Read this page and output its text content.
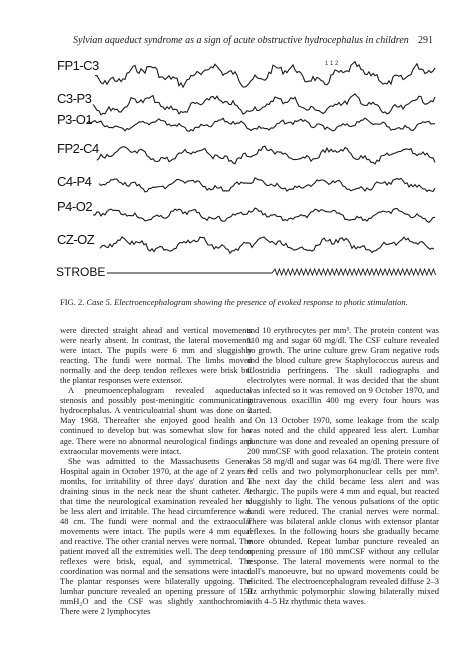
Sylvian aqueduct syndrome as a sign of acute obstructive hydrocephalus in children 291
FP1-C3
C3-P3
P3-O1
FP2-C4
C4-P4
P4-O2
CZ-OZ
STROBE
1 1 2
FIG. 2. Case 5. Electroencephalogram showing the presence of evoked response to photic stimulation.

were directed straight ahead and vertical movements were nearly absent. In contrast, the lateral movements were intact. The pupils were 6 mm and sluggishly reacting. The fundi were normal. The limbs moved normally and the deep tendon reflexes were brisk but the plantar responses were extensor.

A pneumoencephalogram revealed aqueductal stenosis and possibly post-meningitic communicating hydrocephalus. A ventriculoatrial shunt was done on 2 May 1968. Thereafter she enjoyed good health and continued to develop but was somewhat slow for her age. There were no abnormal neurological findings and extraocular movements were intact.

She was admitted to the Massachusetts General Hospital again in October 1970, at the age of 2 years 9 months, for irritability of three days' duration and a draining sinus in the neck near the shunt catheter. At that time the neurological examination revealed her to be less alert and irritable. The head circumference was 48 cm. The fundi were normal and the extraocular movements were intact. The pupils were 4 mm equal and reactive. The other cranial nerves were normal. The patient moved all the extremities well. The deep tendon reflexes were brisk, equal, and symmetrical. The coordination was normal and the sensations were intact. The plantar responses were bilaterally upgoing. The lumbar puncture revealed an opening pressure of 150 mmH₂O and the CSF was slightly xanthochromic. There were 2 lymphocytes

and 10 erythrocytes per mm³. The protein content was 110 mg and sugar 60 mg/dl. The CSF culture revealed no growth. The urine culture grew Gram negative rods and the blood culture grew Staphylococcus aureus and Clostridia perfringens. The skull radiographs and electrolytes were normal. It was decided that the shunt was infected so it was removed on 9 October 1970, and intravenous oxacillin 400 mg every four hours was started.

On 13 October 1970, some leakage from the scalp was noted and the child appeared less alert. Lumbar puncture was done and revealed an opening pressure of 200 mmCSF with good relaxation. The protein content was 58 mg/dl and sugar was 64 mg/dl. There were five red cells and two polymorphonuclear cells per mm³. The next day the child became less alert and was lethargic. The pupils were 4 mm and equal, but reacted sluggishly to light. The venous pulsations of the optic fundi were reduced. The cranial nerves were normal. There was bilateral ankle clonus with extensor plantar reflexes. In the following hours she gradually became more obtunded. Repeat lumbar puncture revealed an opening pressure of 180 mmCSF without any cellular response. The lateral movements were normal to the doll's manoeuvre, but no upward movements could be elicited. The electroencephalogram revealed diffuse 2–3 Hz arrhythmic polymorphic slowing bilaterally mixed with 4–5 Hz rhythmic theta waves.
